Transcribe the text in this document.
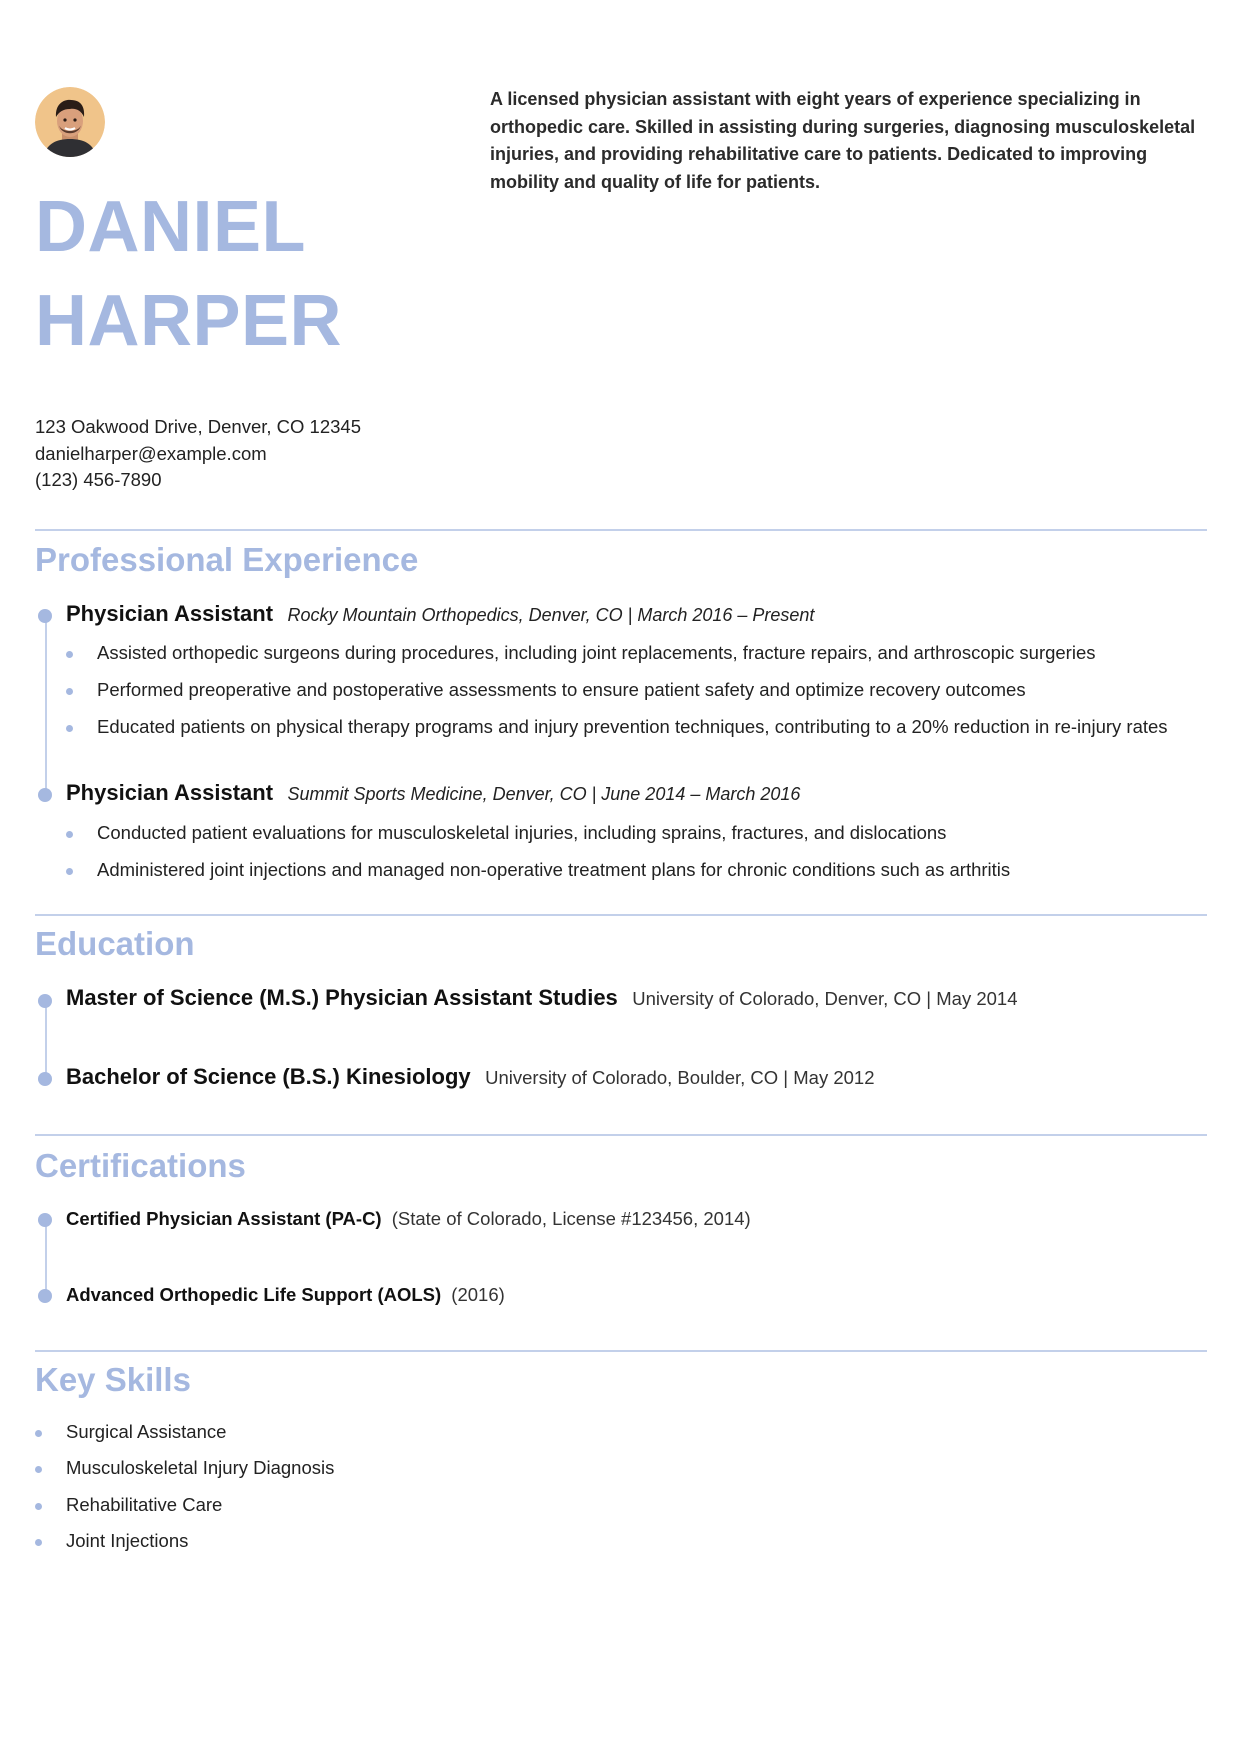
DANIEL
HARPER

A licensed physician assistant with eight years of experience specializing in orthopedic care. Skilled in assisting during surgeries, diagnosing musculoskeletal injuries, and providing rehabilitative care to patients. Dedicated to improving mobility and quality of life for patients.

123 Oakwood Drive, Denver, CO 12345
danielharper@example.com
(123) 456-7890
Professional Experience
Physician Assistant Rocky Mountain Orthopedics, Denver, CO | March 2016 – Present
Assisted orthopedic surgeons during procedures, including joint replacements, fracture repairs, and arthroscopic surgeries
Performed preoperative and postoperative assessments to ensure patient safety and optimize recovery outcomes
Educated patients on physical therapy programs and injury prevention techniques, contributing to a 20% reduction in re-injury rates
Physician Assistant Summit Sports Medicine, Denver, CO | June 2014 – March 2016
Conducted patient evaluations for musculoskeletal injuries, including sprains, fractures, and dislocations
Administered joint injections and managed non-operative treatment plans for chronic conditions such as arthritis
Education
Master of Science (M.S.) Physician Assistant Studies University of Colorado, Denver, CO | May 2014
Bachelor of Science (B.S.) Kinesiology University of Colorado, Boulder, CO | May 2012
Certifications
Certified Physician Assistant (PA-C) (State of Colorado, License #123456, 2014)
Advanced Orthopedic Life Support (AOLS) (2016)
Key Skills
Surgical Assistance
Musculoskeletal Injury Diagnosis
Rehabilitative Care
Joint Injections
